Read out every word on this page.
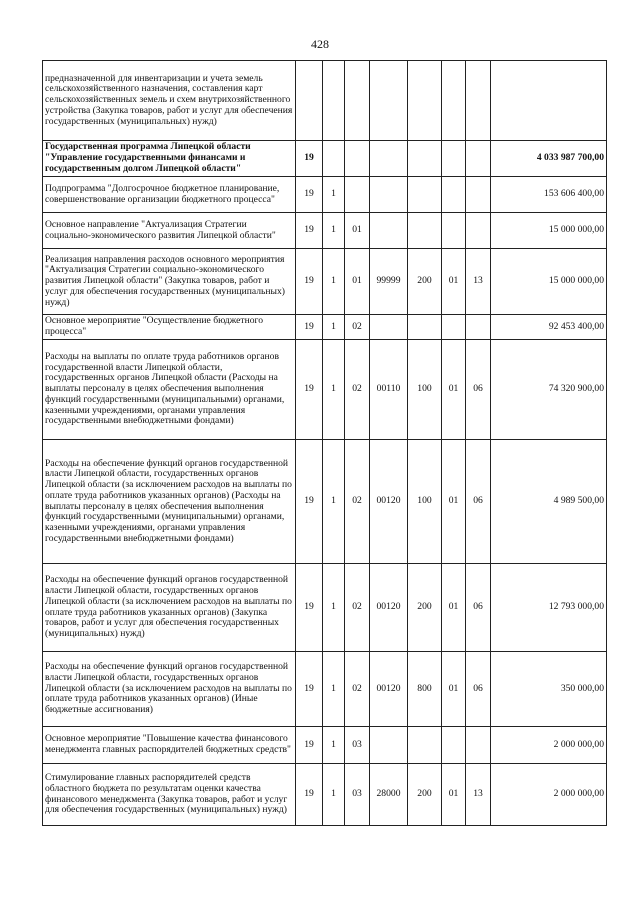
428
предназначенной для инвентаризации и учета земель сельскохозяйственного назначения, составления карт сельскохозяйственных земель и схем внутрихозяйственного устройства (Закупка товаров, работ и услуг для обеспечения государственных (муниципальных) нужд)								
Государственная программа Липецкой области "Управление государственными финансами и государственным долгом Липецкой области"	19							4 033 987 700,00
Подпрограмма "Долгосрочное бюджетное планирование, совершенствование организации бюджетного процесса"	19	1						153 606 400,00
Основное направление "Актуализация Стратегии социально-экономического развития Липецкой области"	19	1	01					15 000 000,00
Реализация направления расходов основного мероприятия "Актуализация Стратегии социально-экономического развития Липецкой области" (Закупка товаров, работ и услуг для обеспечения государственных (муниципальных) нужд)	19	1	01	99999	200	01	13	15 000 000,00
Основное мероприятие "Осуществление бюджетного процесса"	19	1	02					92 453 400,00
Расходы на выплаты по оплате труда работников органов государственной власти Липецкой области, государственных органов Липецкой области (Расходы на выплаты персоналу в целях обеспечения выполнения функций государственными (муниципальными) органами, казенными учреждениями, органами управления государственными внебюджетными фондами)	19	1	02	00110	100	01	06	74 320 900,00
Расходы на обеспечение функций органов государственной власти Липецкой области, государственных органов Липецкой области (за исключением расходов на выплаты по оплате труда работников указанных органов) (Расходы на выплаты персоналу в целях обеспечения выполнения функций государственными (муниципальными) органами, казенными учреждениями, органами управления государственными внебюджетными фондами)	19	1	02	00120	100	01	06	4 989 500,00
Расходы на обеспечение функций органов государственной власти Липецкой области, государственных органов Липецкой области (за исключением расходов на выплаты по оплате труда работников указанных органов) (Закупка товаров, работ и услуг для обеспечения государственных (муниципальных) нужд)	19	1	02	00120	200	01	06	12 793 000,00
Расходы на обеспечение функций органов государственной власти Липецкой области, государственных органов Липецкой области (за исключением расходов на выплаты по оплате труда работников указанных органов) (Иные бюджетные ассигнования)	19	1	02	00120	800	01	06	350 000,00
Основное мероприятие "Повышение качества финансового менеджмента главных распорядителей бюджетных средств"	19	1	03					2 000 000,00
Стимулирование главных распорядителей средств областного бюджета по результатам оценки качества финансового менеджмента (Закупка товаров, работ и услуг для обеспечения государственных (муниципальных) нужд)	19	1	03	28000	200	01	13	2 000 000,00
